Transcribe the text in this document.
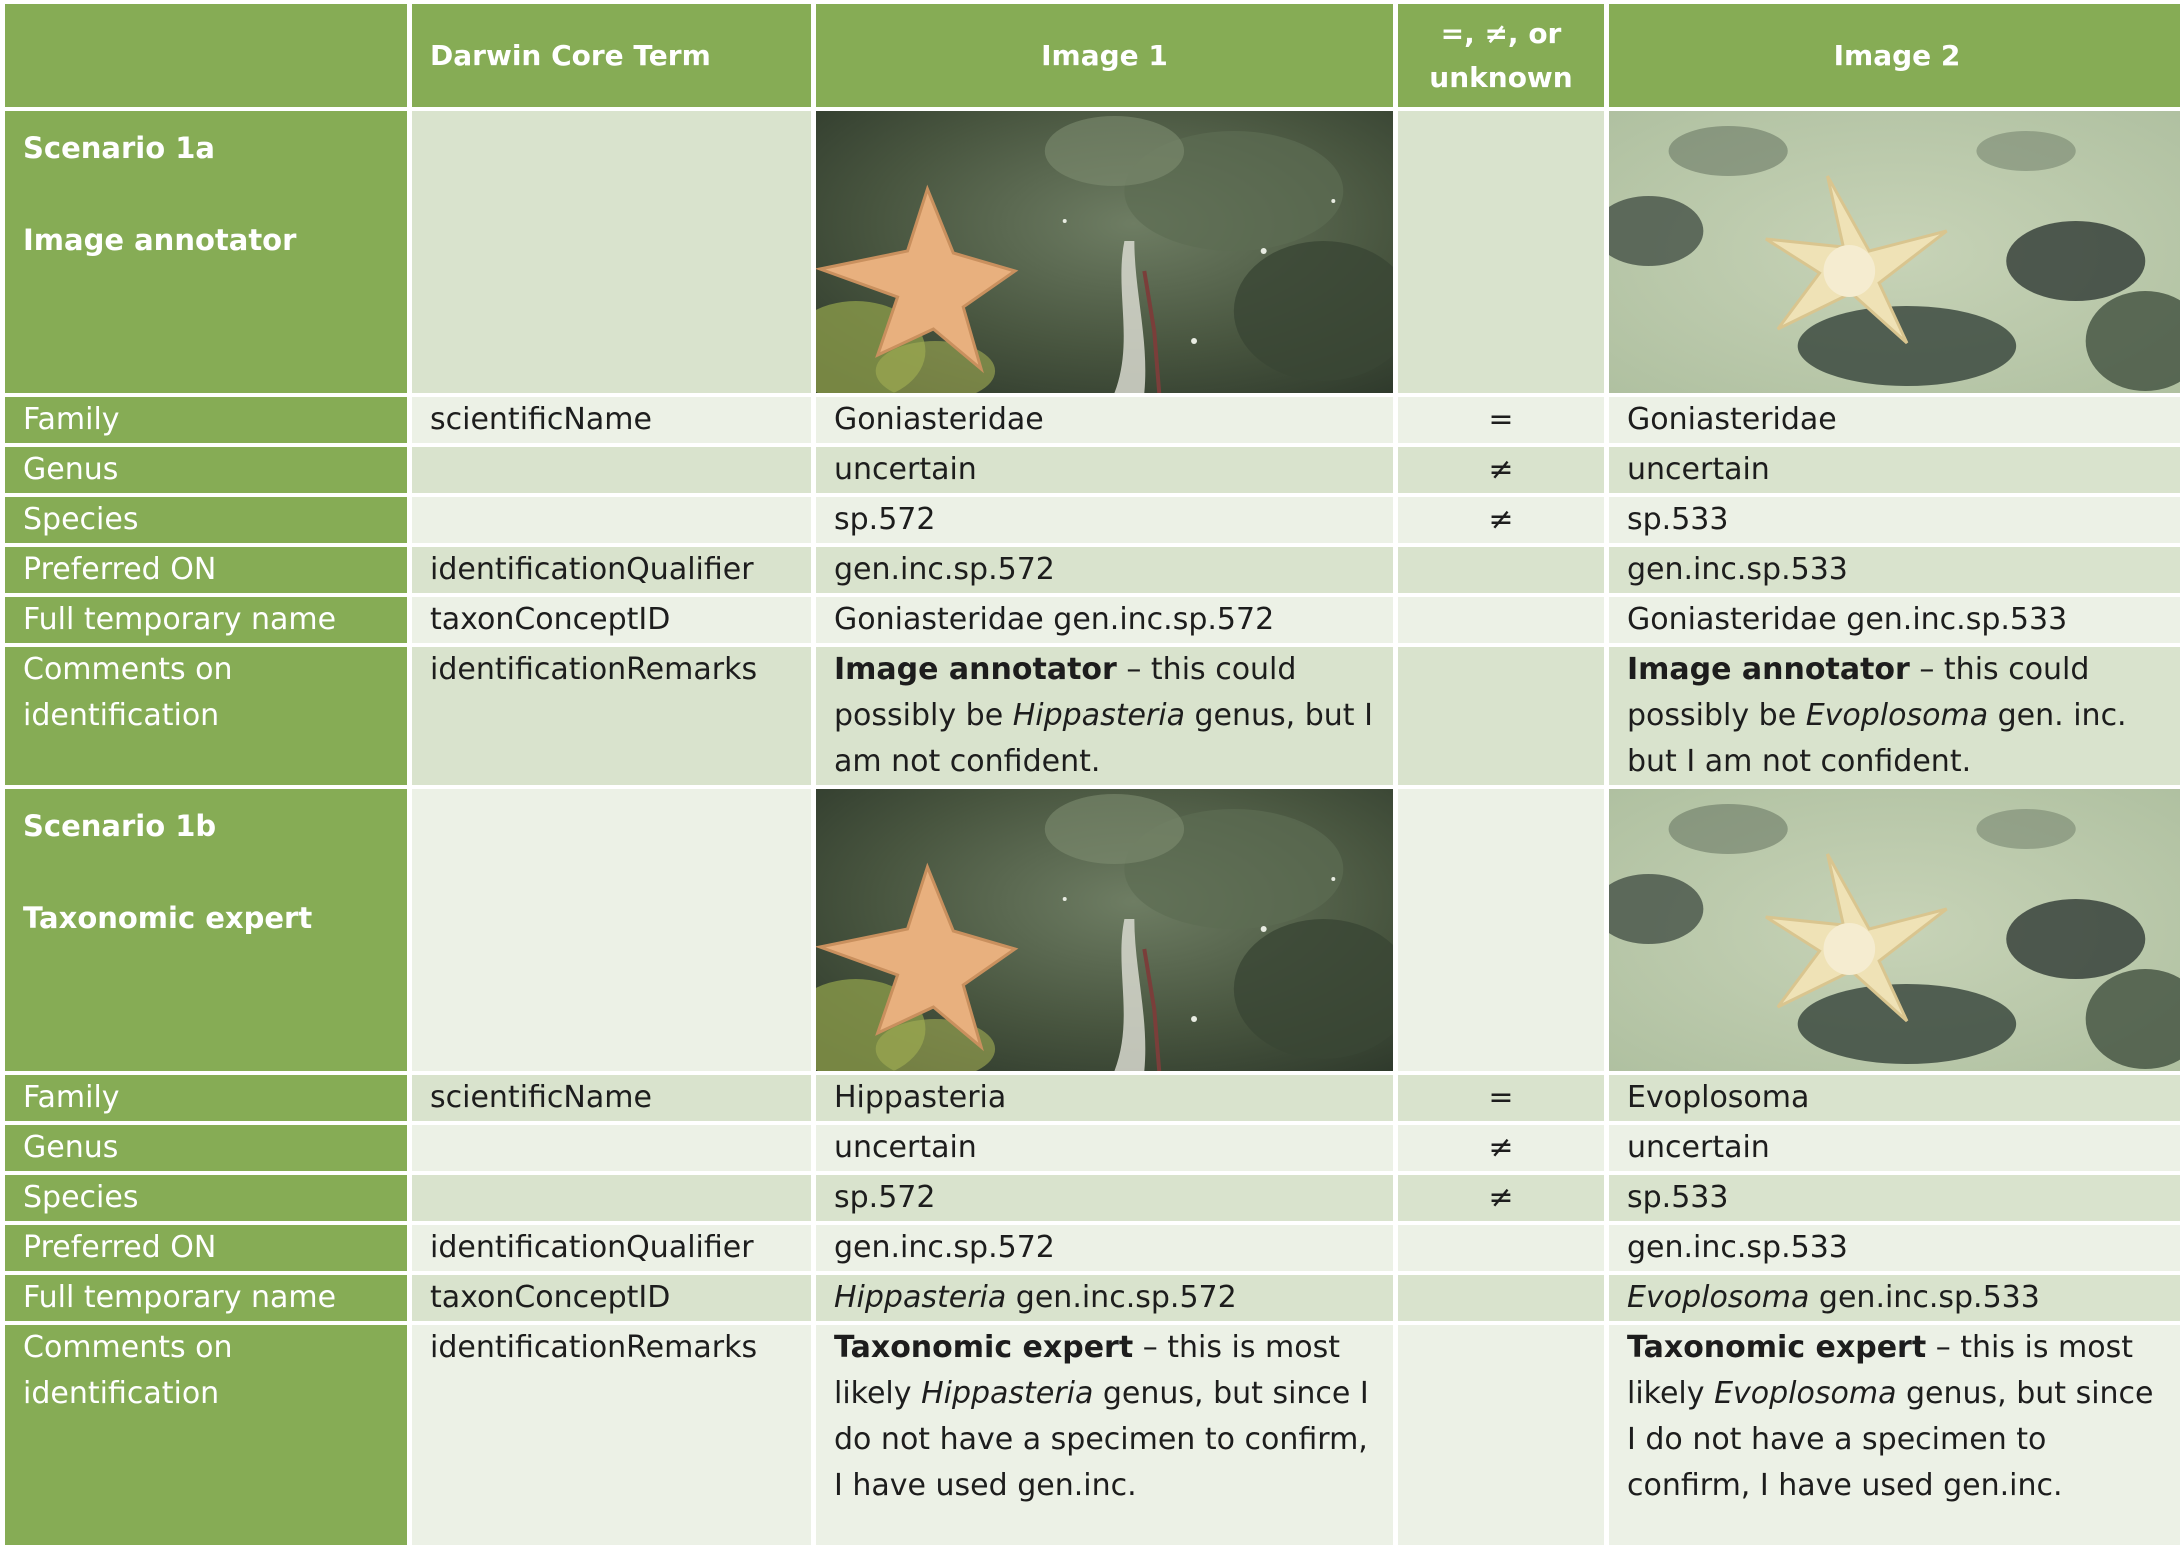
	Darwin Core Term	Image 1	=, ≠, or unknown	Image 2

Scenario 1a
Image annotator

Family	scientificName	Goniasteridae	=	Goniasteridae
Genus		uncertain	≠	uncertain
Species		sp.572	≠	sp.533
Preferred ON	identificationQualifier	gen.inc.sp.572		gen.inc.sp.533
Full temporary name	taxonConceptID	Goniasteridae gen.inc.sp.572		Goniasteridae gen.inc.sp.533
Comments on identification	identificationRemarks	Image annotator – this could possibly be Hippasteria genus, but I am not confident.		Image annotator – this could possibly be Evoplosoma gen. inc. but I am not confident.

Scenario 1b
Taxonomic expert

Family	scientificName	Hippasteria	=	Evoplosoma
Genus		uncertain	≠	uncertain
Species		sp.572	≠	sp.533
Preferred ON	identificationQualifier	gen.inc.sp.572		gen.inc.sp.533
Full temporary name	taxonConceptID	Hippasteria gen.inc.sp.572		Evoplosoma gen.inc.sp.533
Comments on identification	identificationRemarks	Taxonomic expert – this is most likely Hippasteria genus, but since I do not have a specimen to confirm, I have used gen.inc.		Taxonomic expert – this is most likely Evoplosoma genus, but since I do not have a specimen to confirm, I have used gen.inc.
